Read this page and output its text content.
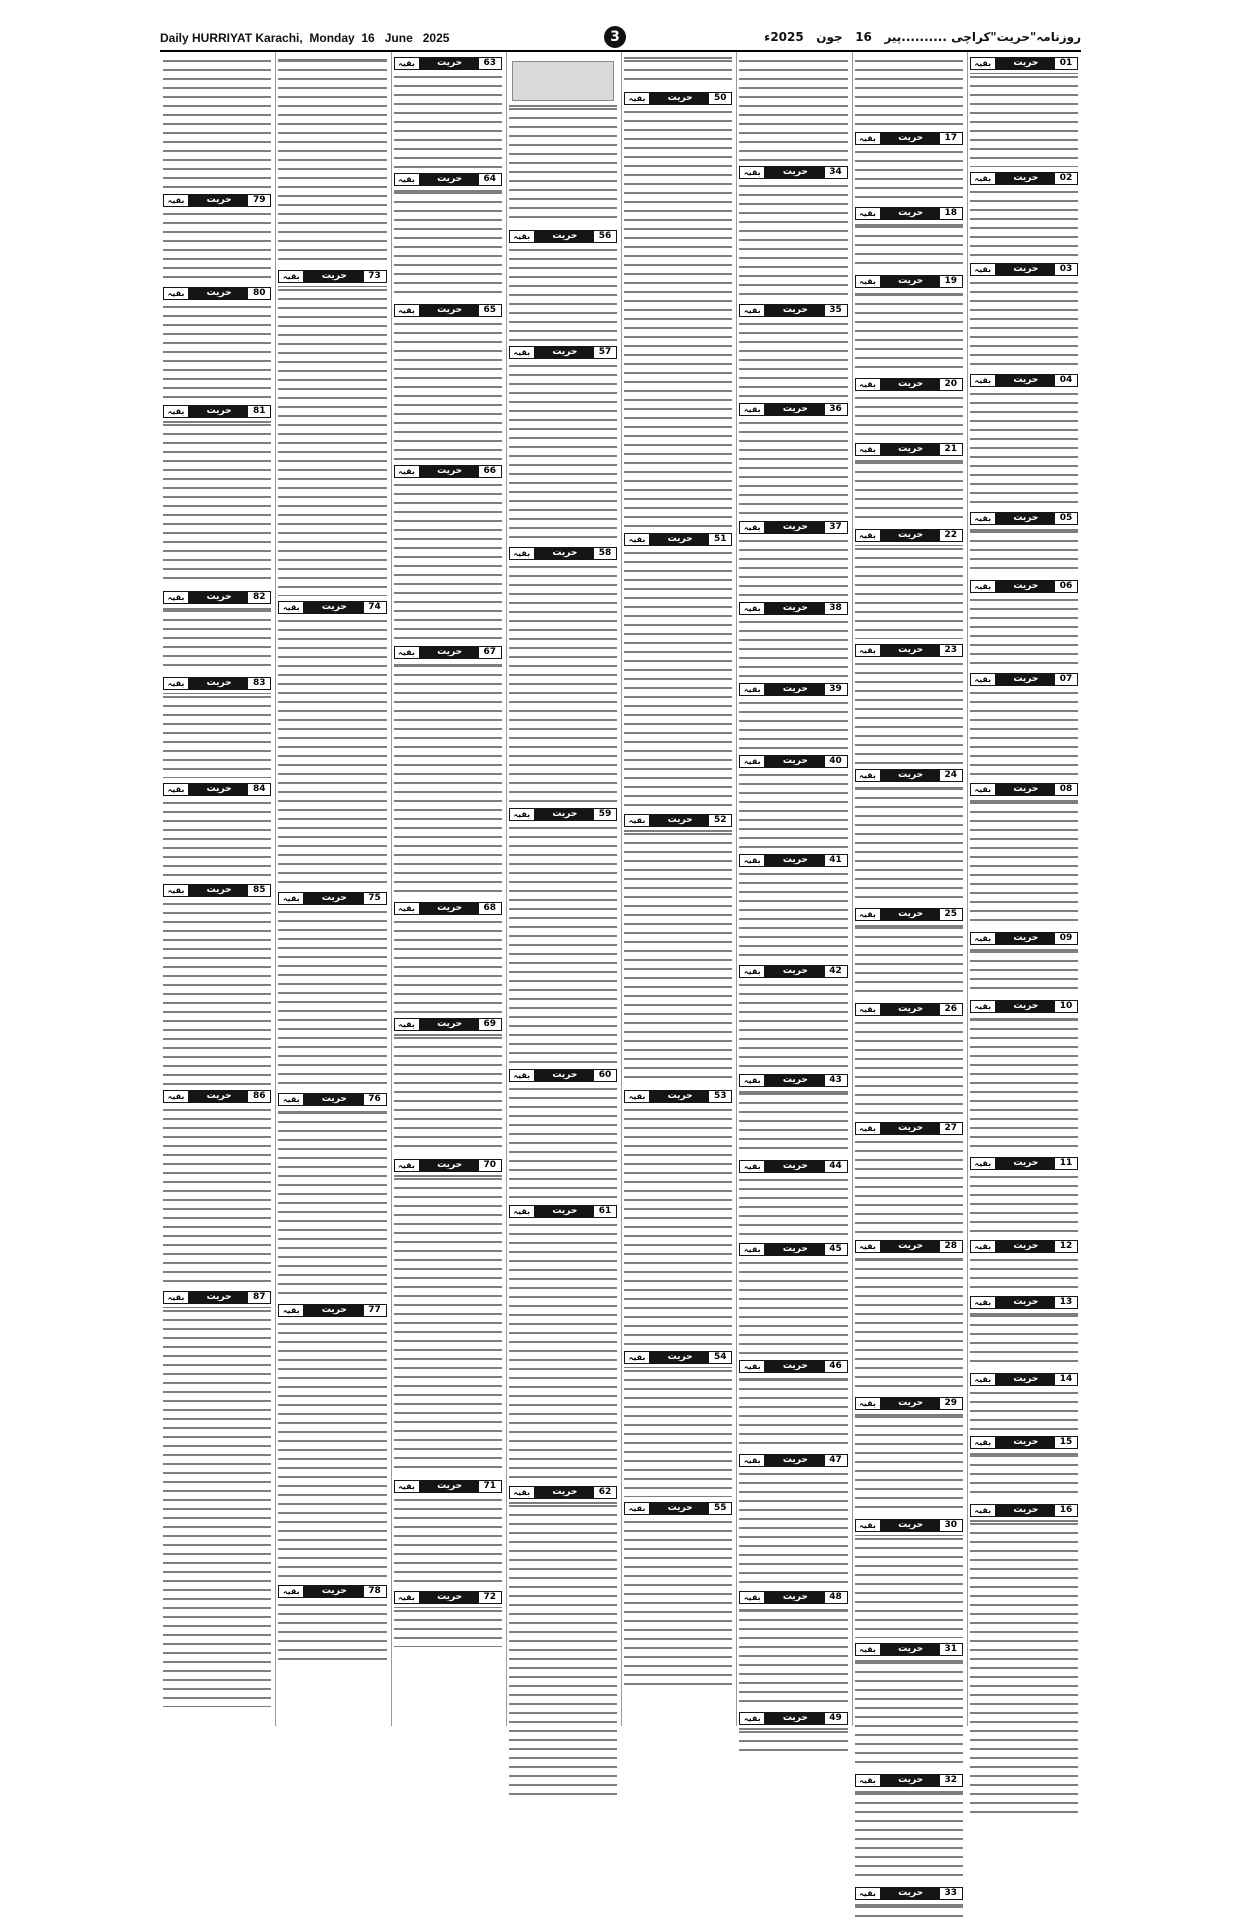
Daily HURRIYAT Karachi,  Monday  16   June   2025	3	روزنامہ"حریت"کراچی ..........پیر   16   جون   2025ء
01
حریت
بقیہ
02
حریت
بقیہ
03
حریت
بقیہ
04
حریت
بقیہ
05
حریت
بقیہ
06
حریت
بقیہ
07
حریت
بقیہ
08
حریت
بقیہ
09
حریت
بقیہ
10
حریت
بقیہ
11
حریت
بقیہ
12
حریت
بقیہ
13
حریت
بقیہ
14
حریت
بقیہ
15
حریت
بقیہ
16
حریت
بقیہ
17
حریت
بقیہ
18
حریت
بقیہ
19
حریت
بقیہ
20
حریت
بقیہ
21
حریت
بقیہ
22
حریت
بقیہ
23
حریت
بقیہ
24
حریت
بقیہ
25
حریت
بقیہ
26
حریت
بقیہ
27
حریت
بقیہ
28
حریت
بقیہ
29
حریت
بقیہ
30
حریت
بقیہ
31
حریت
بقیہ
32
حریت
بقیہ
33
حریت
بقیہ
34
حریت
بقیہ
35
حریت
بقیہ
36
حریت
بقیہ
37
حریت
بقیہ
38
حریت
بقیہ
39
حریت
بقیہ
40
حریت
بقیہ
41
حریت
بقیہ
42
حریت
بقیہ
43
حریت
بقیہ
44
حریت
بقیہ
45
حریت
بقیہ
46
حریت
بقیہ
47
حریت
بقیہ
48
حریت
بقیہ
49
حریت
بقیہ
50
حریت
بقیہ
51
حریت
بقیہ
52
حریت
بقیہ
53
حریت
بقیہ
54
حریت
بقیہ
55
حریت
بقیہ
56
حریت
بقیہ
57
حریت
بقیہ
58
حریت
بقیہ
59
حریت
بقیہ
60
حریت
بقیہ
61
حریت
بقیہ
62
حریت
بقیہ
63
حریت
بقیہ
64
حریت
بقیہ
65
حریت
بقیہ
66
حریت
بقیہ
67
حریت
بقیہ
68
حریت
بقیہ
69
حریت
بقیہ
70
حریت
بقیہ
71
حریت
بقیہ
72
حریت
بقیہ
73
حریت
بقیہ
74
حریت
بقیہ
75
حریت
بقیہ
76
حریت
بقیہ
77
حریت
بقیہ
78
حریت
بقیہ
79
حریت
بقیہ
80
حریت
بقیہ
81
حریت
بقیہ
82
حریت
بقیہ
83
حریت
بقیہ
84
حریت
بقیہ
85
حریت
بقیہ
86
حریت
بقیہ
87
حریت
بقیہ
